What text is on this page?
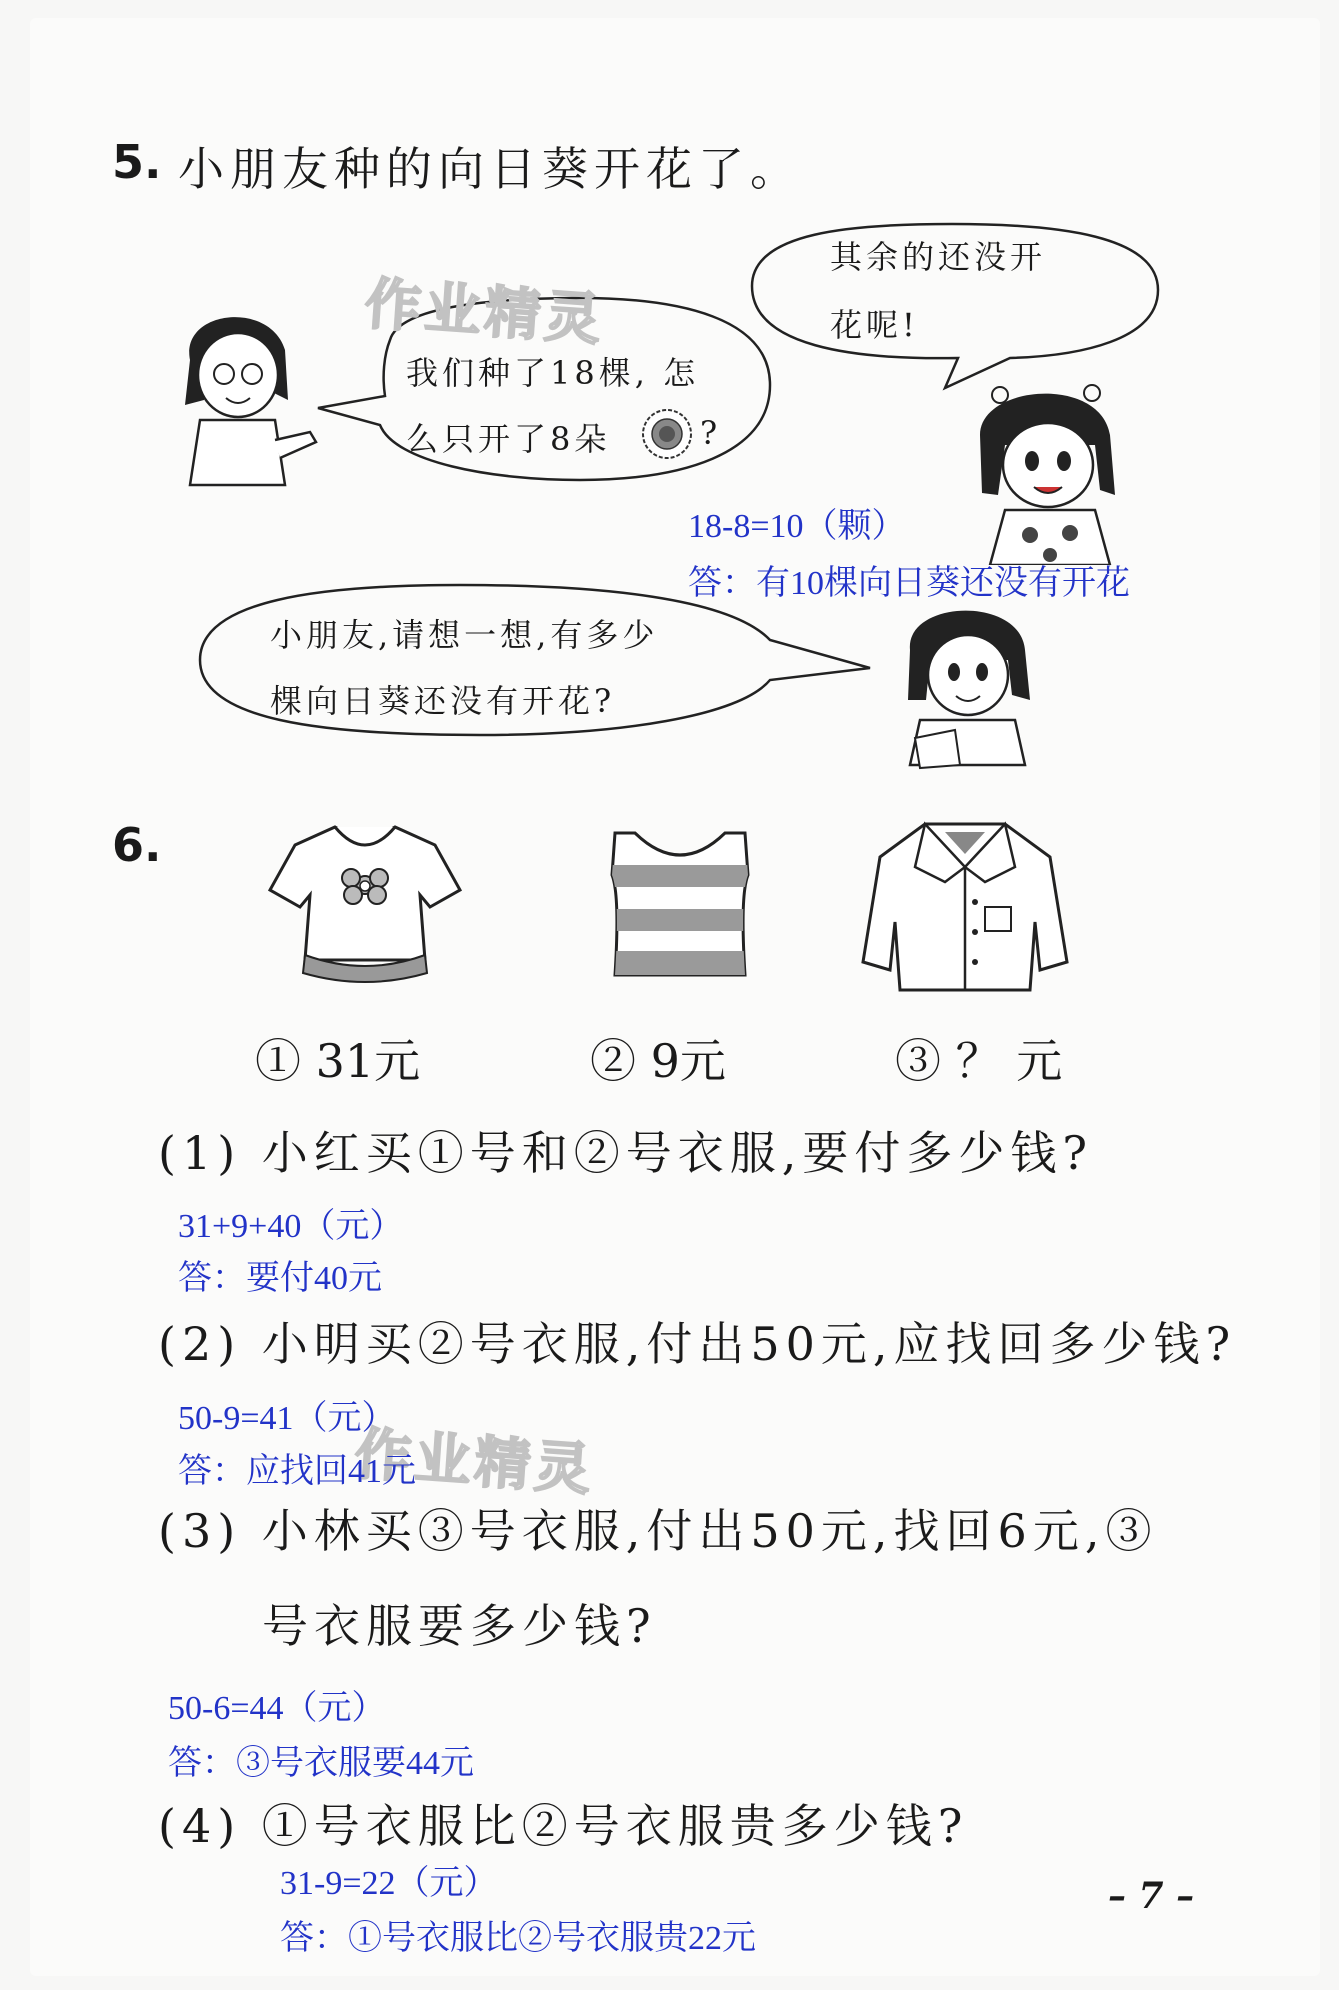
5. 小朋友种的向日葵开花了。
其余的还没开
花呢!
我们种了18棵, 怎
么只开了8朵	?
小朋友,请想一想,有多少
棵向日葵还没有开花?
18-8=10（颗）
答：有10棵向日葵还没有开花
作业精灵
作业精灵
6.
① 31元	② 9元	③ ？ 元
(1) 小红买①号和②号衣服,要付多少钱?
31+9+40（元）
答：要付40元
(2) 小明买②号衣服,付出50元,应找回多少钱?
50-9=41（元）
答：应找回41元
(3) 小林买③号衣服,付出50元,找回6元,③
号衣服要多少钱?
50-6=44（元）
答：③号衣服要44元
(4) ①号衣服比②号衣服贵多少钱?
31-9=22（元）
答：①号衣服比②号衣服贵22元
– 7 –
